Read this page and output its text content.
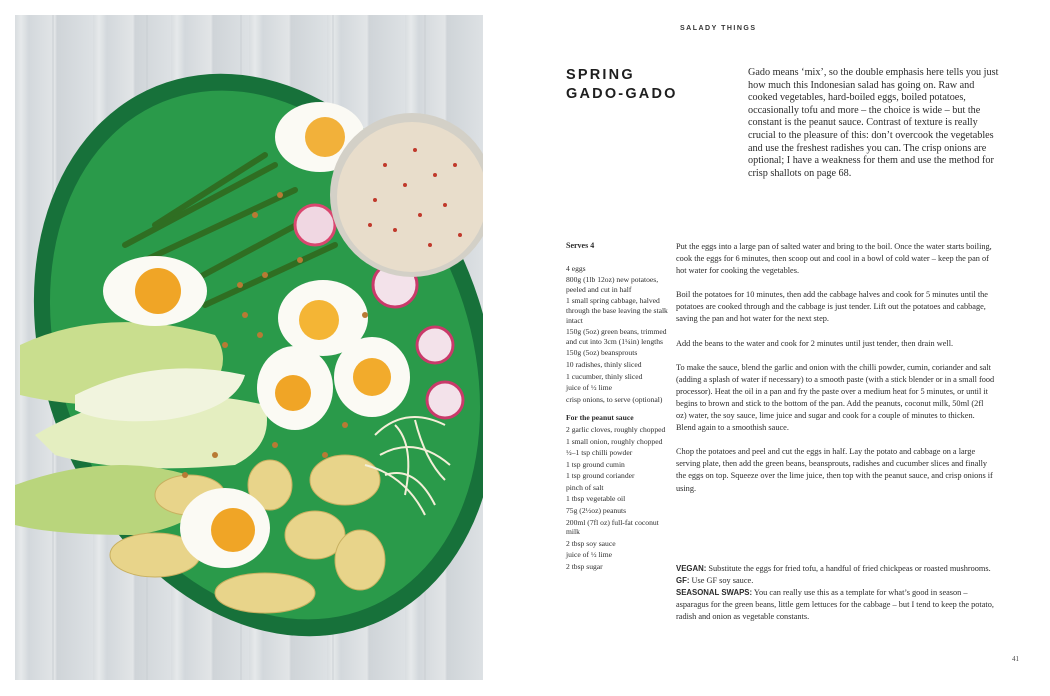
SALADY THINGS
SPRING
GADO-GADO
Gado means ‘mix’, so the double emphasis here tells you just how much this Indonesian salad has going on. Raw and cooked vegetables, hard-boiled eggs, boiled potatoes, occasionally tofu and more – the choice is wide – but the constant is the peanut sauce. Contrast of texture is really crucial to the pleasure of this: don’t overcook the vegetables and use the freshest radishes you can. The crisp onions are optional; I have a weakness for them and use the method for crisp shallots on page 68.
Serves 4
4 eggs
800g (1lb 12oz) new potatoes, peeled and cut in half
1 small spring cabbage, halved through the base leaving the stalk intact
150g (5oz) green beans, trimmed and cut into 3cm (1¼in) lengths
150g (5oz) beansprouts
10 radishes, thinly sliced
1 cucumber, thinly sliced
juice of ½ lime
crisp onions, to serve (optional)
For the peanut sauce
2 garlic cloves, roughly chopped
1 small onion, roughly chopped
½–1 tsp chilli powder
1 tsp ground cumin
1 tsp ground coriander
pinch of salt
1 tbsp vegetable oil
75g (2½oz) peanuts
200ml (7fl oz) full-fat coconut milk
2 tbsp soy sauce
juice of ½ lime
2 tbsp sugar

Put the eggs into a large pan of salted water and bring to the boil. Once the water starts boiling, cook the eggs for 6 minutes, then scoop out and cool in a bowl of cold water – keep the pan of hot water for cooking the vegetables.

Boil the potatoes for 10 minutes, then add the cabbage halves and cook for 5 minutes until the potatoes are cooked through and the cabbage is just tender. Lift out the potatoes and cabbage, saving the pan and hot water for the next step.

Add the beans to the water and cook for 2 minutes until just tender, then drain well.

To make the sauce, blend the garlic and onion with the chilli powder, cumin, coriander and salt (adding a splash of water if necessary) to a smooth paste (with a stick blender or in a small food processor). Heat the oil in a pan and fry the paste over a medium heat for 5 minutes, or until it begins to brown and stick to the bottom of the pan. Add the peanuts, coconut milk, 50ml (2fl oz) water, the soy sauce, lime juice and sugar and cook for a couple of minutes to thicken. Blend again to a smoothish sauce.

Chop the potatoes and peel and cut the eggs in half. Lay the potato and cabbage on a large serving plate, then add the green beans, beansprouts, radishes and cucumber slices and finally the eggs on top. Squeeze over the lime juice, then top with the peanut sauce, and crisp onions if using.

VEGAN: Substitute the eggs for fried tofu, a handful of fried chickpeas or roasted mushrooms.

GF: Use GF soy sauce.

SEASONAL SWAPS: You can really use this as a template for what’s good in season – asparagus for the green beans, little gem lettuces for the cabbage – but I tend to keep the potato, radish and onion as vegetable constants.

41
